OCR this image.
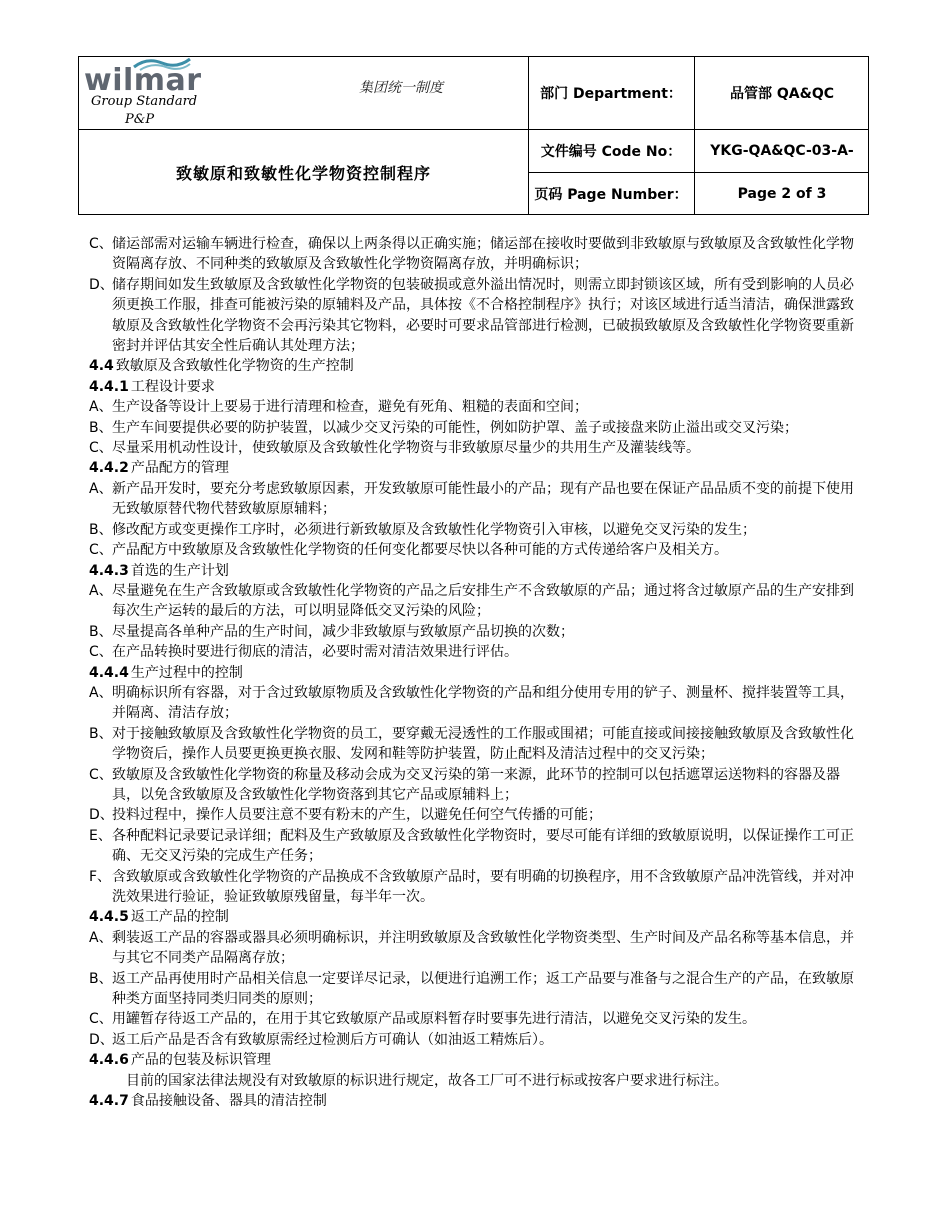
wilmar
Group Standard
P&P
集团统一制度
致敏原和致敏性化学物资控制程序
部门 Department：	品管部 QA&QC
文件编号 Code No：	YKG-QA&QC-03-A-
页码 Page Number：	Page 2 of 3
C、 储运部需对运输车辆进行检查，确保以上两条得以正确实施；储运部在接收时要做到非致敏原与致敏原及含致敏性化学物资隔离存放、不同种类的致敏原及含致敏性化学物资隔离存放，并明确标识；
D、
储存期间如发生致敏原及含致敏性化学物资的包装破损或意外溢出情况时，则需立即封锁该区域，所有受到影响的人员必须更换工作服，排查可能被污染的原辅料及产品，具体按《不合格控制程序》执行；对该区域进行适当清洁，确保泄露致敏原及含致敏性化学物资不会再污染其它物料，必要时可要求品管部进行检测，已破损致敏原及含致敏性化学物资要重新密封并评估其安全性后确认其处理方法；
4.4 致敏原及含致敏性化学物资的生产控制
4.4.1 工程设计要求
A、 生产设备等设计上要易于进行清理和检查，避免有死角、粗糙的表面和空间；
B、 生产车间要提供必要的防护装置，以减少交叉污染的可能性，例如防护罩、盖子或接盘来防止溢出或交叉污染；
C、 尽量采用机动性设计，使致敏原及含致敏性化学物资与非致敏原尽量少的共用生产及灌装线等。
4.4.2 产品配方的管理
A、 新产品开发时，要充分考虑致敏原因素，开发致敏原可能性最小的产品；现有产品也要在保证产品品质不变的前提下使用无致敏原替代物代替致敏原原辅料；
B、 修改配方或变更操作工序时，必须进行新致敏原及含致敏性化学物资引入审核，以避免交叉污染的发生；
C、 产品配方中致敏原及含致敏性化学物资的任何变化都要尽快以各种可能的方式传递给客户及相关方。
4.4.3 首选的生产计划
A、 尽量避免在生产含致敏原或含致敏性化学物资的产品之后安排生产不含致敏原的产品；通过将含过敏原产品的生产安排到每次生产运转的最后的方法，可以明显降低交叉污染的风险；
B、 尽量提高各单种产品的生产时间，减少非致敏原与致敏原产品切换的次数；
C、 在产品转换时要进行彻底的清洁，必要时需对清洁效果进行评估。
4.4.4 生产过程中的控制
A、 明确标识所有容器，对于含过致敏原物质及含致敏性化学物资的产品和组分使用专用的铲子、测量杯、搅拌装置等工具，并隔离、清洁存放；
B、 对于接触致敏原及含致敏性化学物资的员工，要穿戴无浸透性的工作服或围裙；可能直接或间接接触致敏原及含致敏性化学物资后，操作人员要更换更换衣服、发网和鞋等防护装置，防止配料及清洁过程中的交叉污染；
C、 致敏原及含致敏性化学物资的称量及移动会成为交叉污染的第一来源，此环节的控制可以包括遮罩运送物料的容器及器具，以免含致敏原及含致敏性化学物资落到其它产品或原辅料上；
D、
投料过程中，操作人员要注意不要有粉末的产生，以避免任何空气传播的可能；
E、 各种配料记录要记录详细；配料及生产致敏原及含致敏性化学物资时，要尽可能有详细的致敏原说明，以保证操作工可正确、无交叉污染的完成生产任务；
F、 含致敏原或含致敏性化学物资的产品换成不含致敏原产品时，要有明确的切换程序，用不含致敏原产品冲洗管线，并对冲洗效果进行验证，验证致敏原残留量，每半年一次。
4.4.5 返工产品的控制
A、 剩装返工产品的容器或器具必须明确标识，并注明致敏原及含致敏性化学物资类型、生产时间及产品名称等基本信息，并与其它不同类产品隔离存放；
B、 返工产品再使用时产品相关信息一定要详尽记录，以便进行追溯工作；返工产品要与准备与之混合生产的产品，在致敏原种类方面坚持同类归同类的原则；
C、 用罐暂存待返工产品的，在用于其它致敏原产品或原料暂存时要事先进行清洁，以避免交叉污染的发生。
D、
返工后产品是否含有致敏原需经过检测后方可确认（如油返工精炼后）。
4.4.6 产品的包装及标识管理
目前的国家法律法规没有对致敏原的标识进行规定，故各工厂可不进行标或按客户要求进行标注。
4.4.7 食品接触设备、器具的清洁控制
